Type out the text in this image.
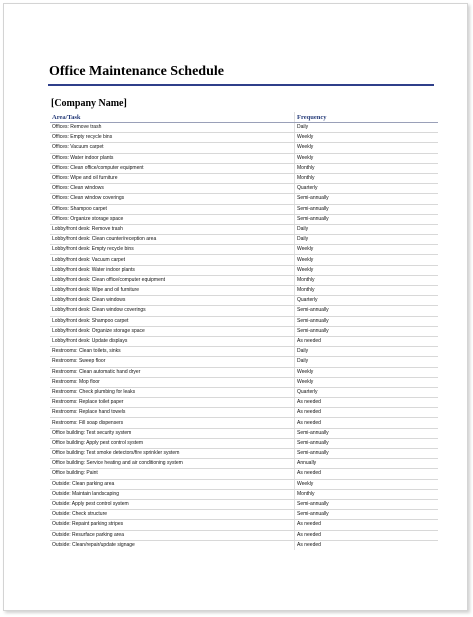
Office Maintenance Schedule
[Company Name]
Area/Task	Frequency
Offices: Remove trash	Daily
Offices: Empty recycle bins	Weekly
Offices: Vacuum carpet	Weekly
Offices: Water indoor plants	Weekly
Offices: Clean office/computer equipment	Monthly
Offices: Wipe and oil furniture	Monthly
Offices: Clean windows	Quarterly
Offices: Clean window coverings	Semi-annually
Offices: Shampoo carpet	Semi-annually
Offices: Organize storage space	Semi-annually
Lobby/front desk: Remove trash	Daily
Lobby/front desk: Clean counter/reception area	Daily
Lobby/front desk: Empty recycle bins	Weekly
Lobby/front desk: Vacuum carpet	Weekly
Lobby/front desk: Water indoor plants	Weekly
Lobby/front desk: Clean office/computer equipment	Monthly
Lobby/front desk: Wipe and oil furniture	Monthly
Lobby/front desk: Clean windows	Quarterly
Lobby/front desk: Clean window coverings	Semi-annually
Lobby/front desk: Shampoo carpet	Semi-annually
Lobby/front desk: Organize storage space	Semi-annually
Lobby/front desk: Update displays	As needed
Restrooms: Clean toilets, sinks	Daily
Restrooms: Sweep floor	Daily
Restrooms: Clean automatic hand dryer	Weekly
Restrooms: Mop floor	Weekly
Restrooms: Check plumbing for leaks	Quarterly
Restrooms: Replace toilet paper	As needed
Restrooms: Replace hand towels	As needed
Restrooms: Fill soap dispensers	As needed
Office building: Test security system	Semi-annually
Office building: Apply pest control system	Semi-annually
Office building: Test smoke detectors/fire sprinkler system	Semi-annually
Office building: Service heating and air conditioning system	Annually
Office building: Paint	As needed
Outside: Clean parking area	Weekly
Outside: Maintain landscaping	Monthly
Outside: Apply pest control system	Semi-annually
Outside: Check structure	Semi-annually
Outside: Repaint parking stripes	As needed
Outside: Resurface parking area	As needed
Outside: Clean/repair/update signage	As needed
